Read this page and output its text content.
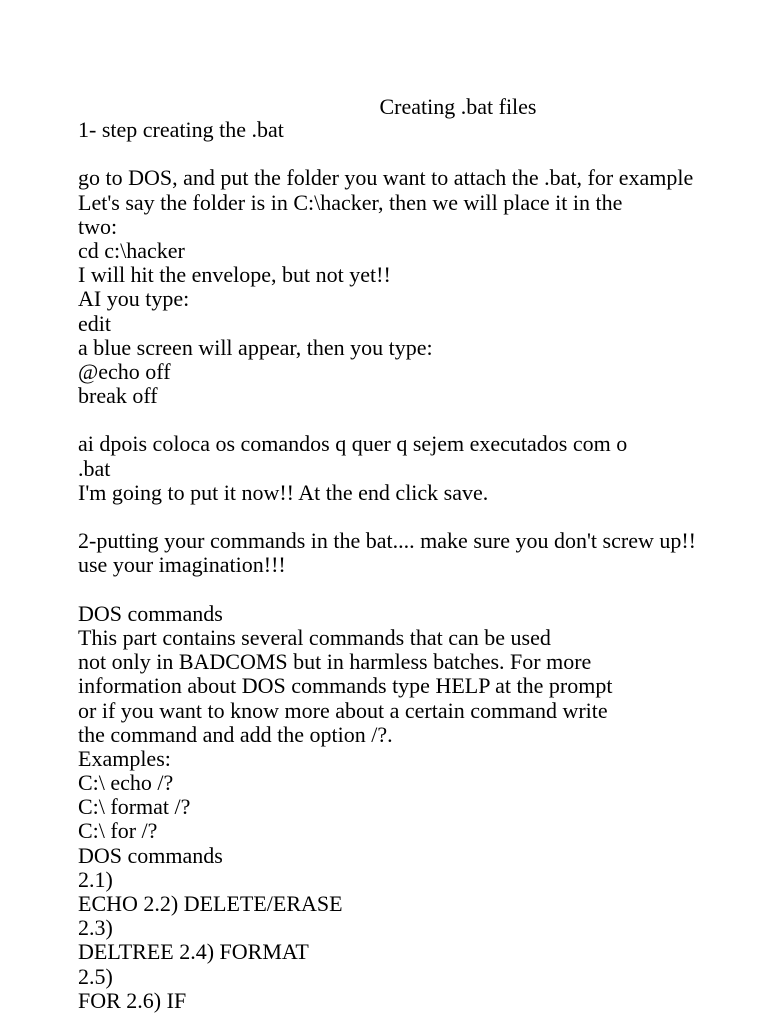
Creating .bat files
1- step creating the .bat
go to DOS, and put the folder you want to attach the .bat, for example
Let's say the folder is in C:\hacker, then we will place it in the
two:
cd c:\hacker
I will hit the envelope, but not yet!!
AI you type:
edit
a blue screen will appear, then you type:
@echo off
break off
ai dpois coloca os comandos q quer q sejem executados com o
.bat
I'm going to put it now!! At the end click save.
2-putting your commands in the bat.... make sure you don't screw up!!
use your imagination!!!
DOS commands
This part contains several commands that can be used
not only in BADCOMS but in harmless batches. For more
information about DOS commands type HELP at the prompt
or if you want to know more about a certain command write
the command and add the option /?.
Examples:
C:\ echo /?
C:\ format /?
C:\ for /?
DOS commands
2.1)
ECHO 2.2) DELETE/ERASE
2.3)
DELTREE 2.4) FORMAT
2.5)
FOR 2.6) IF
